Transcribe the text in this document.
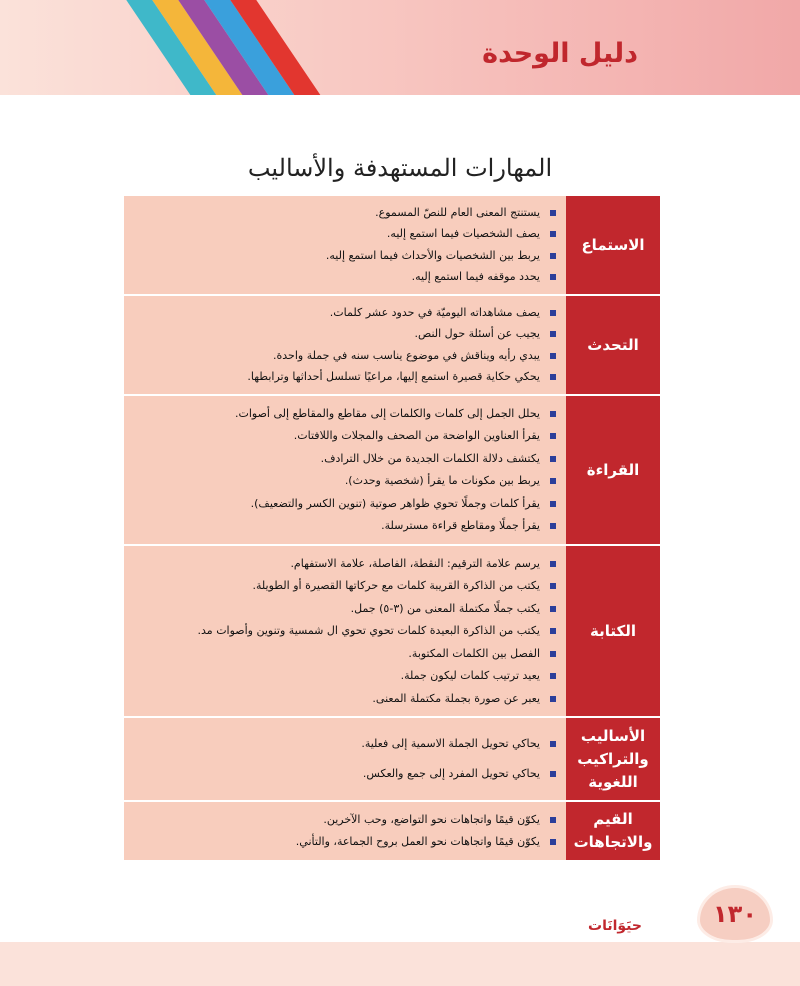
دليل الوحدة
المهارات المستهدفة والأساليب
يستنتج المعنى العام للنصّ المسموع.
يصف الشخصيات فيما استمع إليه.
يربط بين الشخصيات والأحداث فيما استمع إليه.
يحدد موقفه فيما استمع إليه.
الاستماع
يصف مشاهداته اليوميّة في حدود عشر كلمات.
يجيب عن أسئلة حول النص.
يبدي رأيه ويناقش في موضوع يناسب سنه في جملة واحدة.
يحكي حكاية قصيرة استمع إليها، مراعيًا تسلسل أحداثها وترابطها.
التحدث
يحلل الجمل إلى كلمات والكلمات إلى مقاطع والمقاطع إلى أصوات.
يقرأ العناوين الواضحة من الصحف والمجلات واللافتات.
يكتشف دلالة الكلمات الجديدة من خلال الترادف.
يربط بين مكونات ما يقرأ (شخصية وحدث).
يقرأ كلمات وجملًا تحوي ظواهر صوتية (تنوين الكسر والتضعيف).
يقرأ جملًا ومقاطع قراءة مسترسلة.
القراءة
يرسم علامة الترقيم: النقطة، الفاصلة، علامة الاستفهام.
يكتب من الذاكرة القريبة كلمات مع حركاتها القصيرة أو الطويلة.
يكتب جملًا مكتملة المعنى من (٣-٥) جمل.
يكتب من الذاكرة البعيدة كلمات تحوي تحوي ال شمسية وتنوين وأصوات مد.
الفصل بين الكلمات المكتوبة.
يعيد ترتيب كلمات ليكون جملة.
يعبر عن صورة بجملة مكتملة المعنى.
الكتابة
يحاكي تحويل الجملة الاسمية إلى فعلية.
يحاكي تحويل المفرد إلى جمع والعكس.
الأساليب
والتراكيب
اللغوية
يكوّن قيمًا واتجاهات نحو التواضع، وحب الآخرين.
يكوّن قيمًا واتجاهات نحو العمل بروح الجماعة، والتأني.
القيم
والاتجاهات
١٣٠
حيَوَانَات
